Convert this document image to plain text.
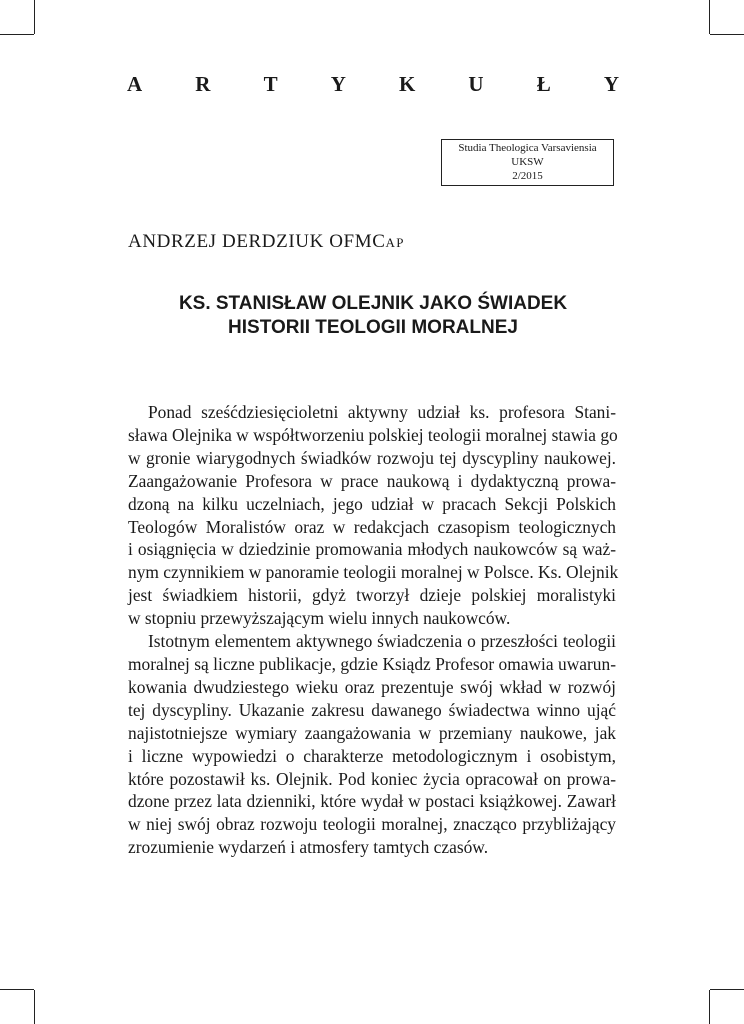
A	R	T	Y	K	U	Ł	Y
Studia Theologica Varsaviensia
UKSW
2/2015
ANDRZEJ DERDZIUK OFMCAP
KS. STANISŁAW OLEJNIK JAKO ŚWIADEK
HISTORII TEOLOGII MORALNEJ
Ponad sześćdziesięcioletni aktywny udział ks. profesora Stani-
sława Olejnika w współtworzeniu polskiej teologii moralnej stawia go
w gronie wiarygodnych świadków rozwoju tej dyscypliny naukowej.
Zaangażowanie Profesora w prace naukową i dydaktyczną prowa-
dzoną na kilku uczelniach, jego udział w pracach Sekcji Polskich
Teologów Moralistów oraz w redakcjach czasopism teologicznych
i osiągnięcia w dziedzinie promowania młodych naukowców są waż-
nym czynnikiem w panoramie teologii moralnej w Polsce. Ks. Olejnik
jest świadkiem historii, gdyż tworzył dzieje polskiej moralistyki
w stopniu przewyższającym wielu innych naukowców.
Istotnym elementem aktywnego świadczenia o przeszłości teologii
moralnej są liczne publikacje, gdzie Ksiądz Profesor omawia uwarun-
kowania dwudziestego wieku oraz prezentuje swój wkład w rozwój
tej dyscypliny. Ukazanie zakresu dawanego świadectwa winno ująć
najistotniejsze wymiary zaangażowania w przemiany naukowe, jak
i liczne wypowiedzi o charakterze metodologicznym i osobistym,
które pozostawił ks. Olejnik. Pod koniec życia opracował on prowa-
dzone przez lata dzienniki, które wydał w postaci książkowej. Zawarł
w niej swój obraz rozwoju teologii moralnej, znacząco przybliżający
zrozumienie wydarzeń i atmosfery tamtych czasów.
